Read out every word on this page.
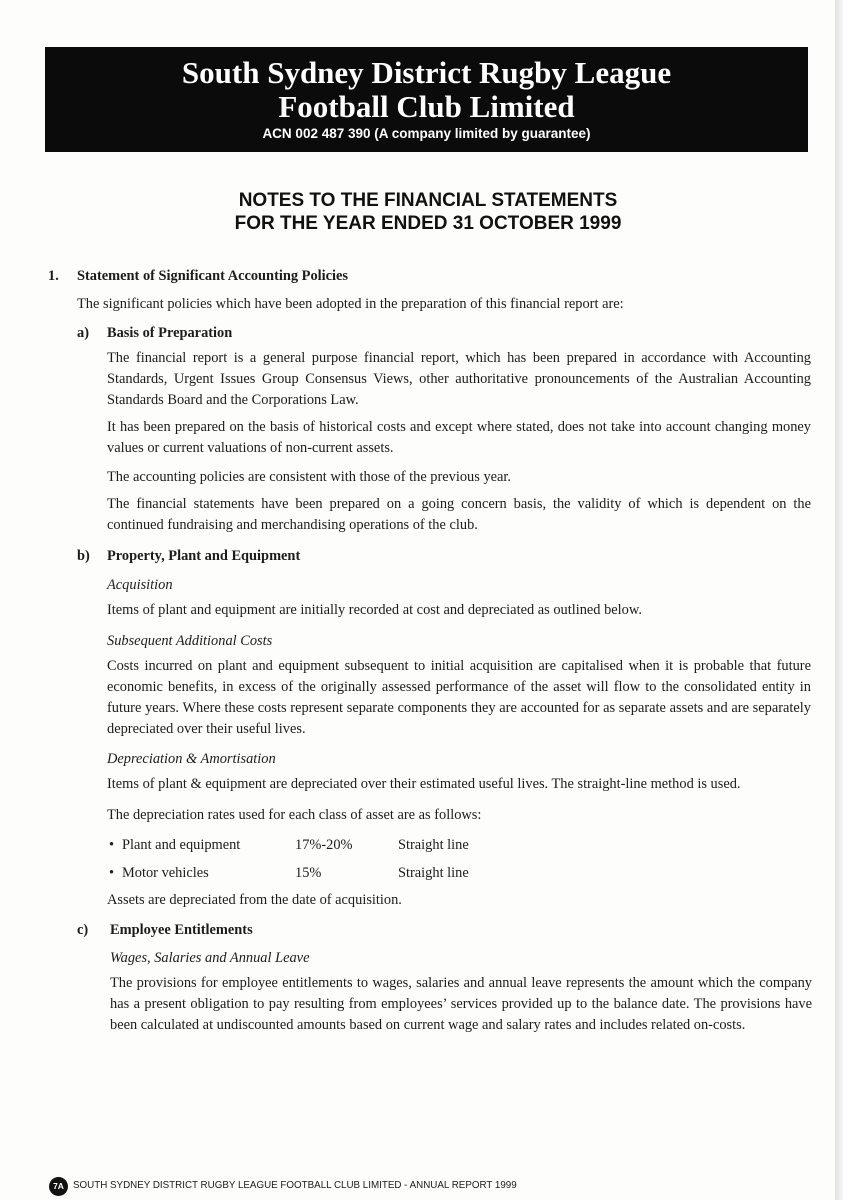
South Sydney District Rugby League
Football Club Limited
ACN 002 487 390 (A company limited by guarantee)
NOTES TO THE FINANCIAL STATEMENTS
FOR THE YEAR ENDED 31 OCTOBER 1999
1. Statement of Significant Accounting Policies
The significant policies which have been adopted in the preparation of this financial report are:
a) Basis of Preparation
The financial report is a general purpose financial report, which has been prepared in accordance with Accounting Standards, Urgent Issues Group Consensus Views, other authoritative pronouncements of the Australian Accounting Standards Board and the Corporations Law.
It has been prepared on the basis of historical costs and except where stated, does not take into account changing money values or current valuations of non-current assets.
The accounting policies are consistent with those of the previous year.
The financial statements have been prepared on a going concern basis, the validity of which is dependent on the continued fundraising and merchandising operations of the club.
b) Property, Plant and Equipment
Acquisition
Items of plant and equipment are initially recorded at cost and depreciated as outlined below.
Subsequent Additional Costs
Costs incurred on plant and equipment subsequent to initial acquisition are capitalised when it is probable that future economic benefits, in excess of the originally assessed performance of the asset will flow to the consolidated entity in future years. Where these costs represent separate components they are accounted for as separate assets and are separately depreciated over their useful lives.
Depreciation & Amortisation
Items of plant & equipment are depreciated over their estimated useful lives. The straight-line method is used.
The depreciation rates used for each class of asset are as follows:
• Plant and equipment	17%-20%	Straight line
• Motor vehicles	15%	Straight line
Assets are depreciated from the date of acquisition.
c) Employee Entitlements
Wages, Salaries and Annual Leave
The provisions for employee entitlements to wages, salaries and annual leave represents the amount which the company has a present obligation to pay resulting from employees’ services provided up to the balance date. The provisions have been calculated at undiscounted amounts based on current wage and salary rates and includes related on-costs.
7A SOUTH SYDNEY DISTRICT RUGBY LEAGUE FOOTBALL CLUB LIMITED - ANNUAL REPORT 1999
